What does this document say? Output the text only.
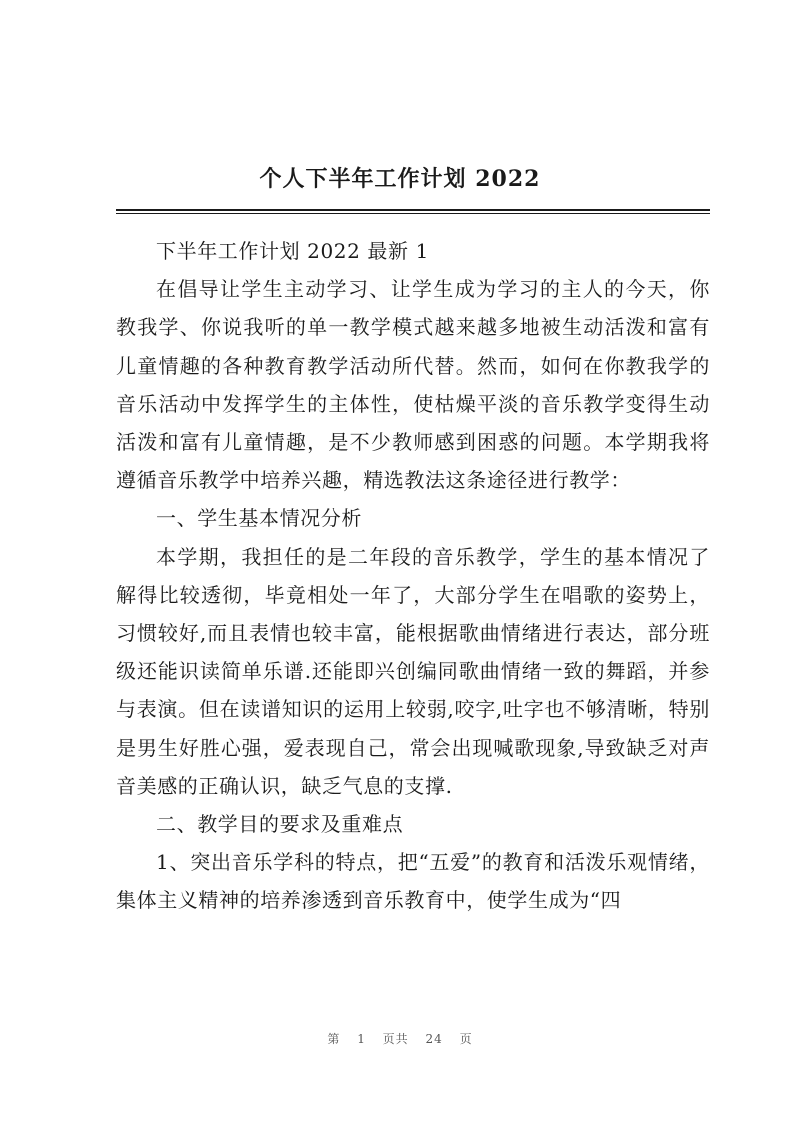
个人下半年工作计划 2022

下半年工作计划 2022 最新 1

在倡导让学生主动学习、让学生成为学习的主人的今天，你教我学、你说我听的单一教学模式越来越多地被生动活泼和富有儿童情趣的各种教育教学活动所代替。然而，如何在你教我学的音乐活动中发挥学生的主体性，使枯燥平淡的音乐教学变得生动活泼和富有儿童情趣，是不少教师感到困惑的问题。本学期我将遵循音乐教学中培养兴趣，精选教法这条途径进行教学：

一、学生基本情况分析

本学期，我担任的是二年段的音乐教学，学生的基本情况了解得比较透彻，毕竟相处一年了，大部分学生在唱歌的姿势上，习惯较好,而且表情也较丰富，能根据歌曲情绪进行表达，部分班级还能识读简单乐谱.还能即兴创编同歌曲情绪一致的舞蹈，并参与表演。但在读谱知识的运用上较弱,咬字,吐字也不够清晰，特别是男生好胜心强，爱表现自己，常会出现喊歌现象,导致缺乏对声音美感的正确认识，缺乏气息的支撑.

二、教学目的要求及重难点

1、突出音乐学科的特点，把“五爱”的教育和活泼乐观情绪，集体主义精神的培养渗透到音乐教育中，使学生成为“四

第 1 页共 24 页
